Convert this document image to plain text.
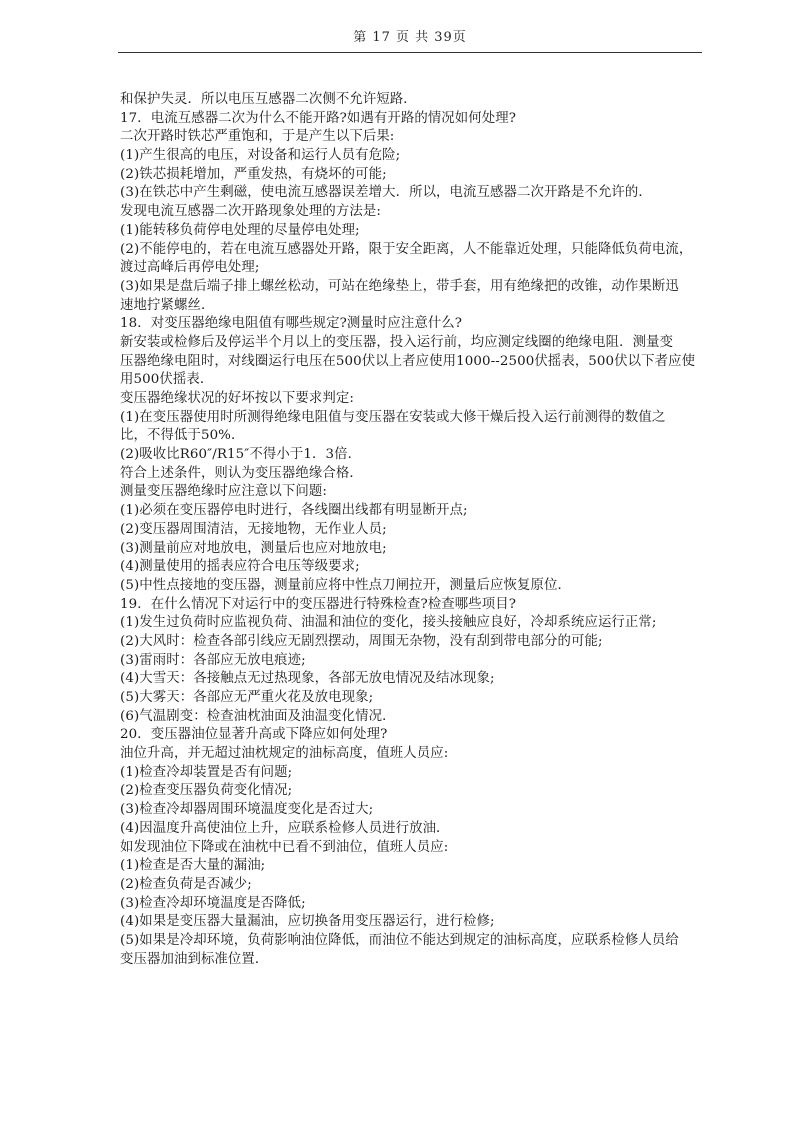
第 17 页 共 39页
和保护失灵．所以电压互感器二次侧不允许短路．
17．电流互感器二次为什么不能开路?如遇有开路的情况如何处理?
二次开路时铁芯严重饱和，于是产生以下后果:
(1)产生很高的电压，对设备和运行人员有危险;
(2)铁芯损耗增加，严重发热，有烧坏的可能;
(3)在铁芯中产生剩磁，使电流互感器误差增大．所以，电流互感器二次开路是不允许的．
发现电流互感器二次开路现象处理的方法是:
(1)能转移负荷停电处理的尽量停电处理;
(2)不能停电的，若在电流互感器处开路，限于安全距离，人不能靠近处理，只能降低负荷电流，
渡过高峰后再停电处理;
(3)如果是盘后端子排上螺丝松动，可站在绝缘垫上，带手套，用有绝缘把的改锥，动作果断迅
速地拧紧螺丝．
18．对变压器绝缘电阻值有哪些规定?测量时应注意什么?
新安装或检修后及停运半个月以上的变压器，投入运行前，均应测定线圈的绝缘电阻．测量变
压器绝缘电阻时，对线圈运行电压在500伏以上者应使用1000--2500伏摇表，500伏以下者应使
用500伏摇表．
变压器绝缘状况的好坏按以下要求判定:
(1)在变压器使用时所测得绝缘电阻值与变压器在安装或大修干燥后投入运行前测得的数值之
比，不得低于50%．
(2)吸收比R60″/R15″不得小于1．3倍．
符合上述条件，则认为变压器绝缘合格．
测量变压器绝缘时应注意以下问题:
(1)必须在变压器停电时进行，各线圈出线都有明显断开点;
(2)变压器周围清洁，无接地物，无作业人员;
(3)测量前应对地放电，测量后也应对地放电;
(4)测量使用的摇表应符合电压等级要求;
(5)中性点接地的变压器，测量前应将中性点刀闸拉开，测量后应恢复原位．
19．在什么情况下对运行中的变压器进行特殊检查?检查哪些项目?
(1)发生过负荷时应监视负荷、油温和油位的变化，接头接触应良好，冷却系统应运行正常;
(2)大风时：检查各部引线应无剧烈摆动，周围无杂物，没有刮到带电部分的可能;
(3)雷雨时：各部应无放电痕迹;
(4)大雪天：各接触点无过热现象，各部无放电情况及结冰现象;
(5)大雾天：各部应无严重火花及放电现象;
(6)气温剧变：检查油枕油面及油温变化情况．
20．变压器油位显著升高或下降应如何处理?
油位升高，并无超过油枕规定的油标高度，值班人员应:
(1)检查冷却装置是否有问题;
(2)检查变压器负荷变化情况;
(3)检查冷却器周围环境温度变化是否过大;
(4)因温度升高使油位上升，应联系检修人员进行放油．
如发现油位下降或在油枕中已看不到油位，值班人员应:
(1)检查是否大量的漏油;
(2)检查负荷是否减少;
(3)检查冷却环境温度是否降低;
(4)如果是变压器大量漏油，应切换备用变压器运行，进行检修;
(5)如果是冷却环境，负荷影响油位降低，而油位不能达到规定的油标高度，应联系检修人员给
变压器加油到标准位置．
